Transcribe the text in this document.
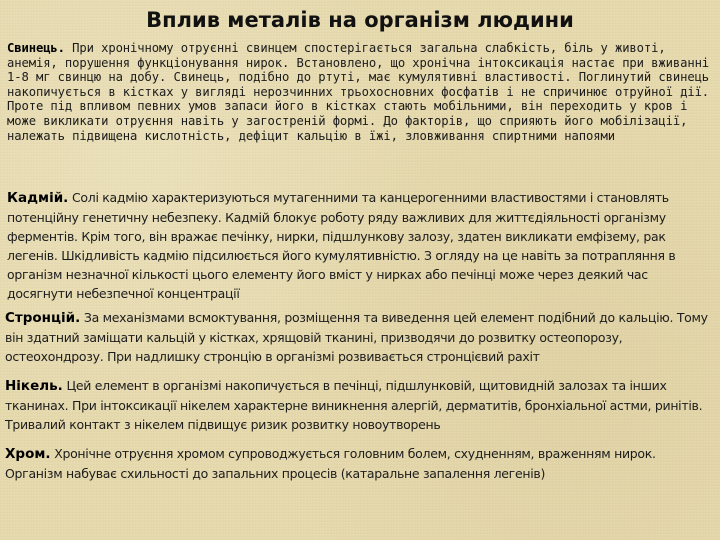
Вплив металів на організм людини

Свинець. При хронічному отруєнні свинцем спостерігається загальна слабкість, біль у животі, анемія, порушення функціонування нирок. Встановлено, що хронічна інтоксикація настає при вживанні 1-8 мг свинцю на добу. Свинець, подібно до ртуті, має кумулятивні властивості. Поглинутий свинець накопичується в кістках у вигляді нерозчинних трьохосновних фосфатів і не спричинює отруйної дії. Проте під впливом певних умов запаси його в кістках стають мобільними, він переходить у кров і може викликати отруєння навіть у загостреній формі. До факторів, що сприяють його мобілізації, належать підвищена кислотність, дефіцит кальцію в їжі, зловживання спиртними напоями

Кадмій. Солі кадмію характеризуються мутагенними та канцерогенними властивостями і становлять потенційну генетичну небезпеку. Кадмій блокує роботу ряду важливих для життєдіяльності організму ферментів. Крім того, він вражає печінку, нирки, підшлункову залозу, здатен викликати емфізему, рак легенів. Шкідливість кадмію підсилюється його кумулятивністю. З огляду на це навіть за потрапляння в організм незначної кількості цього елементу його вміст у нирках або печінці може через деякий час досягнути небезпечної концентрації

Стронцій. За механізмами всмоктування, розміщення та виведення цей елемент подібний до кальцію. Тому він здатний заміщати кальцій у кістках, хрящовій тканині, призводячи до розвитку остеопорозу, остеохондрозу. При надлишку стронцію в організмі розвивається стронцієвий рахіт

Нікель. Цей елемент в організмі накопичується в печінці, підшлунковій, щитовидній залозах та інших тканинах. При інтоксикації нікелем характерне виникнення алергій, дерматитів, бронхіальної астми, ринітів. Тривалий контакт з нікелем підвищує ризик розвитку новоутворень

Хром. Хронічне отруєння хромом супроводжується головним болем, схудненням, враженням нирок. Організм набуває схильності до запальних процесів (катаральне запалення легенів)
